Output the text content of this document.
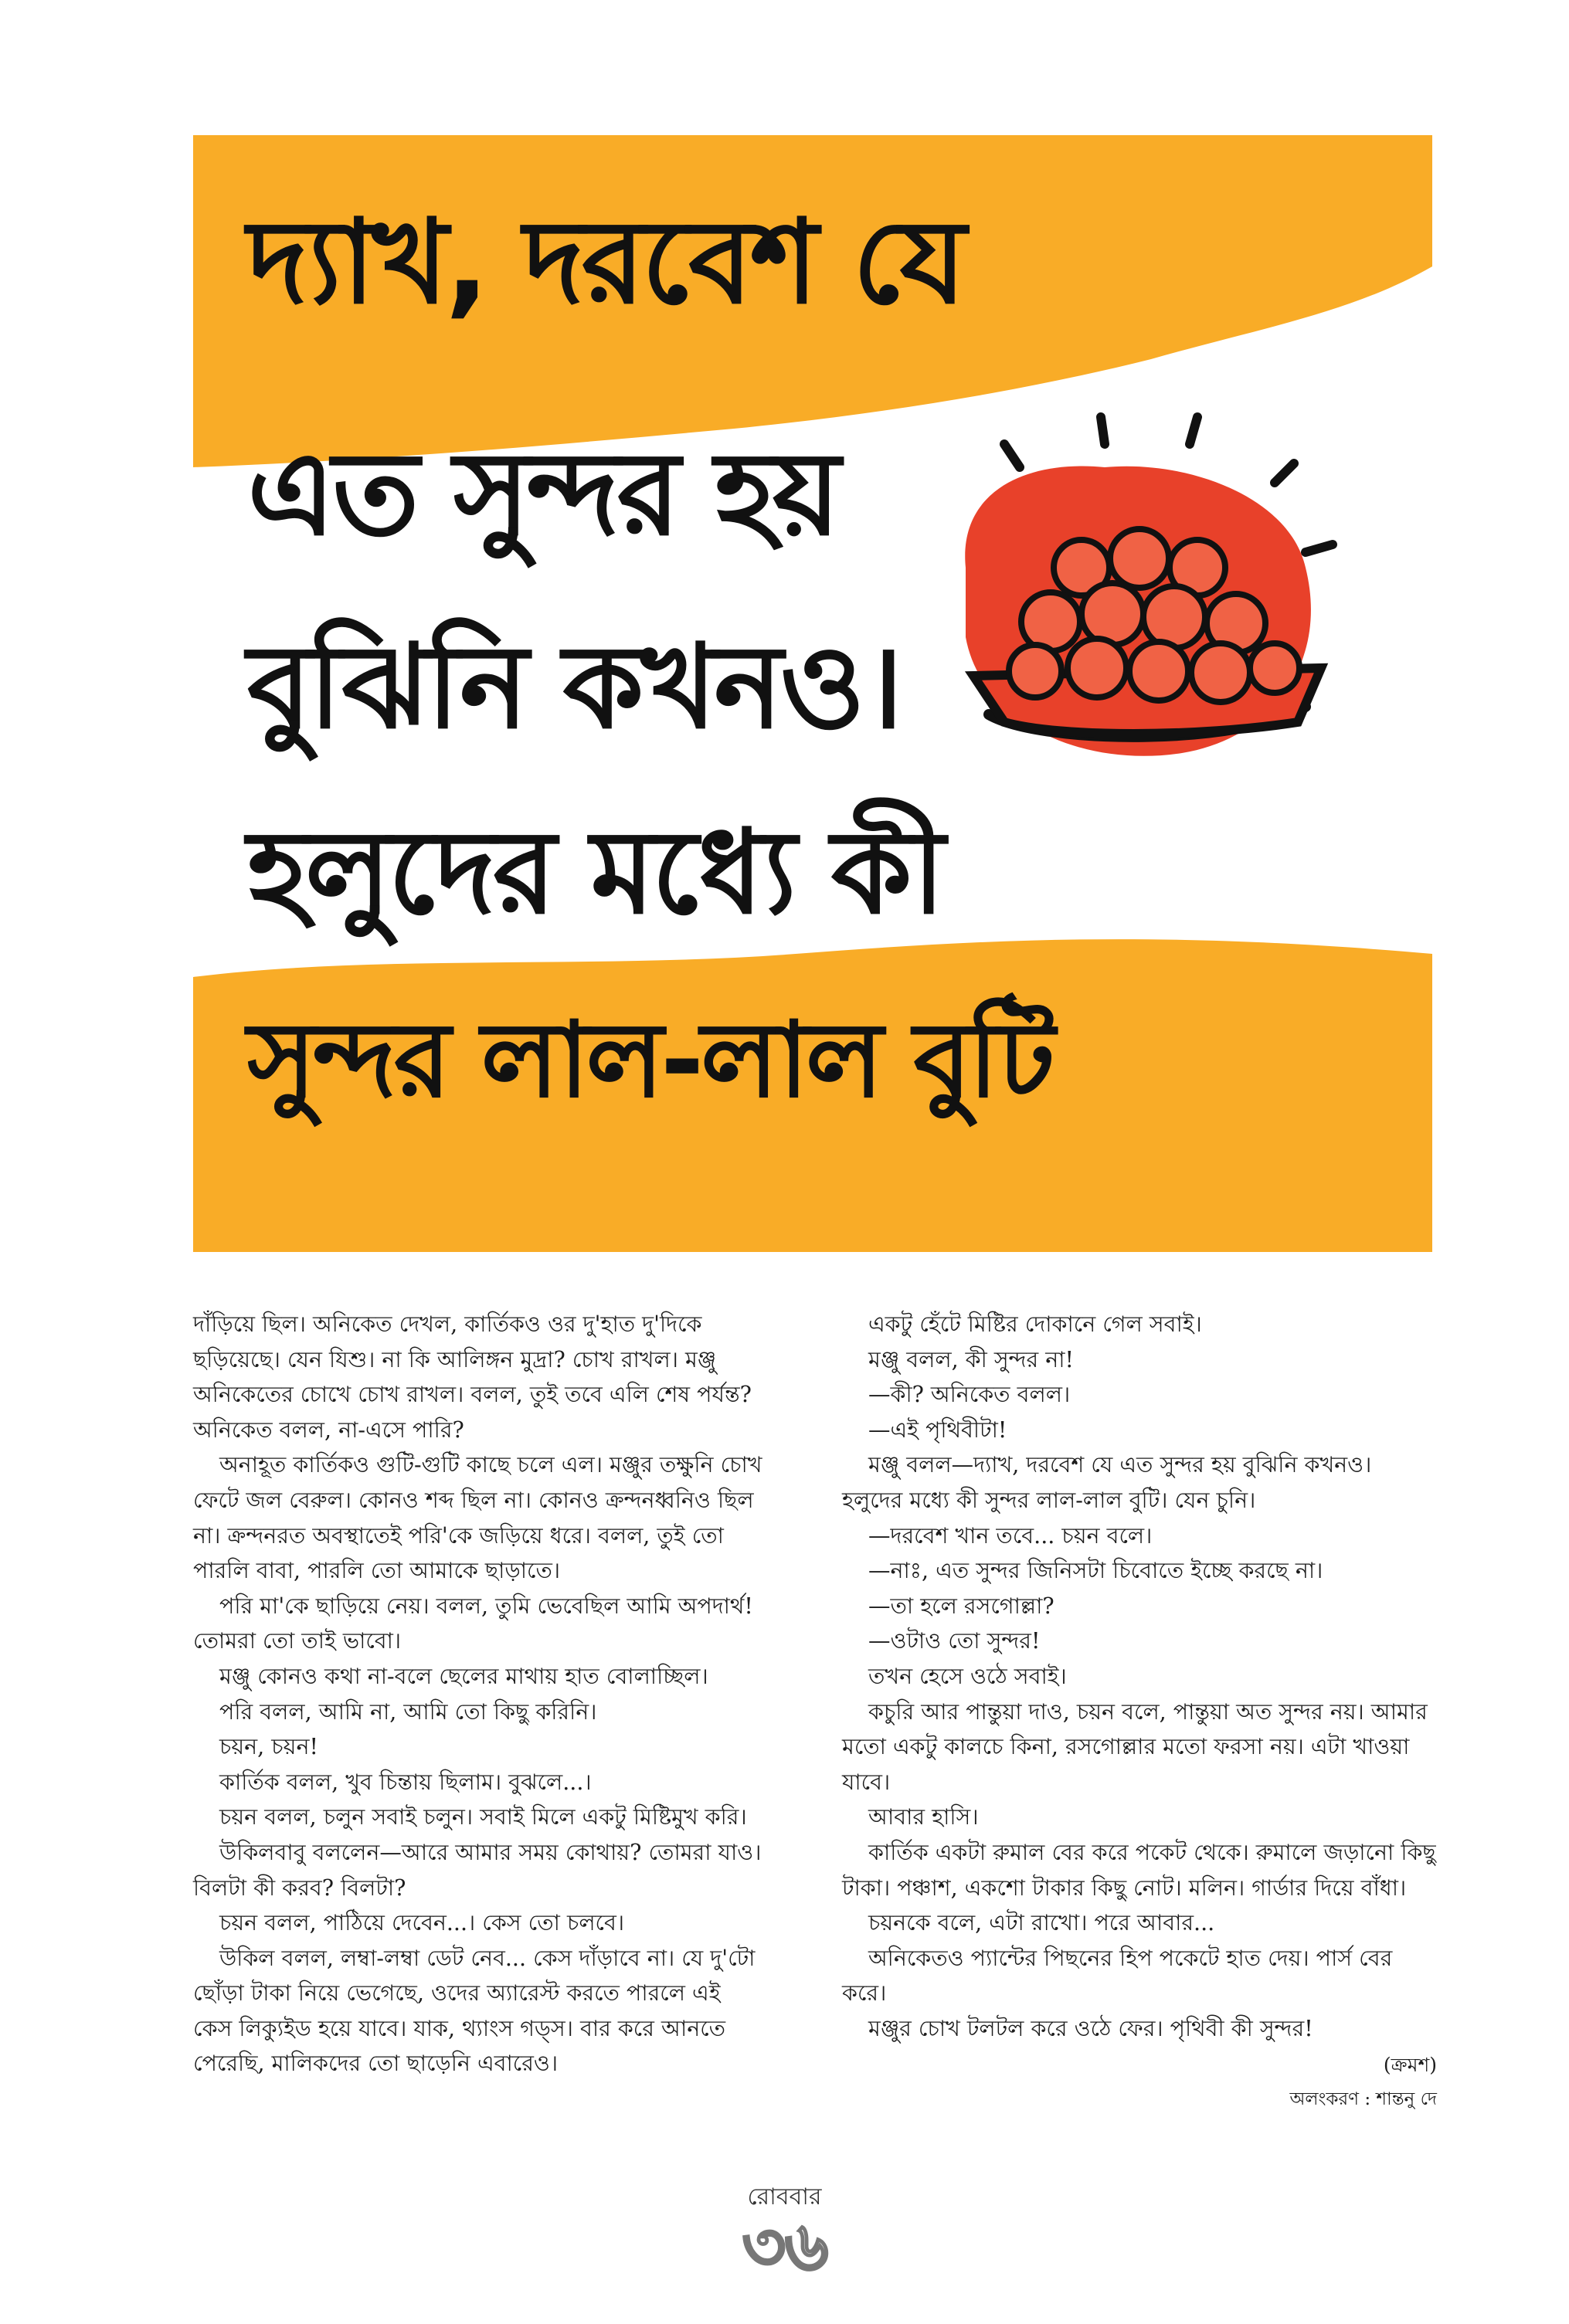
দ্যাখ, দরবেশ যে
এত সুন্দর হয়
বুঝিনি কখনও।
হলুদের মধ্যে কী
সুন্দর লাল-লাল বুটি

দাঁড়িয়ে ছিল। অনিকেত দেখল, কার্তিকও ওর দু'হাত দু'দিকে ছড়িয়েছে। যেন যিশু। না কি আলিঙ্গন মুদ্রা? চোখ রাখল। মঞ্জু অনিকেতের চোখে চোখ রাখল। বলল, তুই তবে এলি শেষ পর্যন্ত? অনিকেত বলল, না-এসে পারি?

অনাহূত কার্তিকও গুটি-গুটি কাছে চলে এল। মঞ্জুর তক্ষুনি চোখ ফেটে জল বেরুল। কোনও শব্দ ছিল না। কোনও ক্রন্দনধ্বনিও ছিল না। ক্রন্দনরত অবস্থাতেই পরি'কে জড়িয়ে ধরে। বলল, তুই তো পারলি বাবা, পারলি তো আমাকে ছাড়াতে।

পরি মা'কে ছাড়িয়ে নেয়। বলল, তুমি ভেবেছিল আমি অপদার্থ! তোমরা তো তাই ভাবো।

মঞ্জু কোনও কথা না-বলে ছেলের মাথায় হাত বোলাচ্ছিল।

পরি বলল, আমি না, আমি তো কিছু করিনি।

চয়ন, চয়ন!

কার্তিক বলল, খুব চিন্তায় ছিলাম। বুঝলে...।

চয়ন বলল, চলুন সবাই চলুন। সবাই মিলে একটু মিষ্টিমুখ করি।

উকিলবাবু বললেন—আরে আমার সময় কোথায়? তোমরা যাও। বিলটা কী করব? বিলটা?

চয়ন বলল, পাঠিয়ে দেবেন...। কেস তো চলবে।

উকিল বলল, লম্বা-লম্বা ডেট নেব... কেস দাঁড়াবে না। যে দু'টো ছোঁড়া টাকা নিয়ে ভেগেছে, ওদের অ্যারেস্ট করতে পারলে এই কেস লিক্যুইড হয়ে যাবে। যাক, থ্যাংস গড্স। বার করে আনতে পেরেছি, মালিকদের তো ছাড়েনি এবারেও।

একটু হেঁটে মিষ্টির দোকানে গেল সবাই।

মঞ্জু বলল, কী সুন্দর না!

—কী? অনিকেত বলল।

—এই পৃথিবীটা!

মঞ্জু বলল—দ্যাখ, দরবেশ যে এত সুন্দর হয় বুঝিনি কখনও। হলুদের মধ্যে কী সুন্দর লাল-লাল বুটি। যেন চুনি।

—দরবেশ খান তবে... চয়ন বলে।

—নাঃ, এত সুন্দর জিনিসটা চিবোতে ইচ্ছে করছে না।

—তা হলে রসগোল্লা?

—ওটাও তো সুন্দর!

তখন হেসে ওঠে সবাই।

কচুরি আর পান্তুয়া দাও, চয়ন বলে, পান্তুয়া অত সুন্দর নয়। আমার মতো একটু কালচে কিনা, রসগোল্লার মতো ফরসা নয়। এটা খাওয়া যাবে।

আবার হাসি।

কার্তিক একটা রুমাল বের করে পকেট থেকে। রুমালে জড়ানো কিছু টাকা। পঞ্চাশ, একশো টাকার কিছু নোট। মলিন। গার্ডার দিয়ে বাঁধা।

চয়নকে বলে, এটা রাখো। পরে আবার...

অনিকেতও প্যান্টের পিছনের হিপ পকেটে হাত দেয়। পার্স বের করে।

মঞ্জুর চোখ টলটল করে ওঠে ফের। পৃথিবী কী সুন্দর!

(ক্রমশ)
অলংকরণ : শান্তনু দে
রোববার
৩৬
